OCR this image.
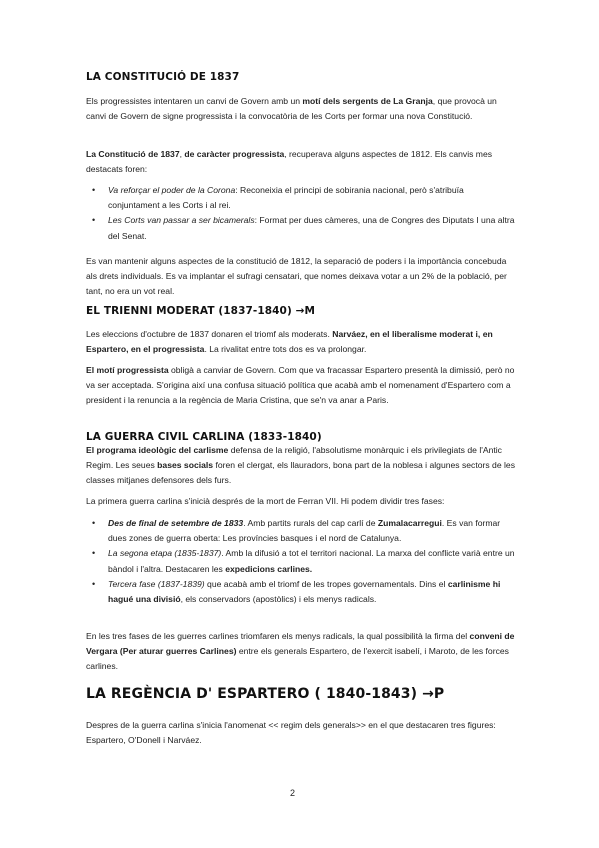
LA CONSTITUCIÓ DE 1837

Els progressistes intentaren un canvi de Govern amb un motí dels sergents de La Granja, que provocà un canvi de Govern de signe progressista i la convocatòria de les Corts per formar una nova Constitució.

La Constitució de 1837, de caràcter progressista, recuperava alguns aspectes de 1812. Els canvis mes destacats foren:

• Va reforçar el poder de la Corona: Reconeixia el principi de sobirania nacional, però s'atribuïa conjuntament a les Corts i al rei.
• Les Corts van passar a ser bicamerals: Format per dues càmeres, una de Congres des Diputats I una altra del Senat.

Es van mantenir alguns aspectes de la constitució de 1812, la separació de poders i la importància concebuda als drets individuals. Es va implantar el sufragi censatari, que nomes deixava votar a un 2% de la població, per tant, no era un vot real.

EL TRIENNI MODERAT (1837-1840) →M

Les eleccions d'octubre de 1837 donaren el triomf als moderats. Narváez, en el liberalisme moderat i, en Espartero, en el progressista. La rivalitat entre tots dos es va prolongar.

El motí progressista obligà a canviar de Govern. Com que va fracassar Espartero presentà la dimissió, però no va ser acceptada. S'origina així una confusa situació política que acabà amb el nomenament d'Espartero com a president i la renuncia a la regència de Maria Cristina, que se'n va anar a Paris.

LA GUERRA CIVIL CARLINA (1833-1840)

El programa ideològic del carlisme defensa de la religió, l'absolutisme monàrquic i els privilegiats de l'Antic Regim. Les seues bases socials foren el clergat, els llauradors, bona part de la noblesa i algunes sectors de les classes mitjanes defensores dels furs.

La primera guerra carlina s'inicià després de la mort de Ferran VII. Hi podem dividir tres fases:

• Des de final de setembre de 1833. Amb partits rurals del cap carlí de Zumalacarregui. Es van formar dues zones de guerra oberta: Les províncies basques i el nord de Catalunya.
• La segona etapa (1835-1837). Amb la difusió a tot el territori nacional. La marxa del conflicte varià entre un bàndol i l'altra. Destacaren les expedicions carlines.
• Tercera fase (1837-1839) que acabà amb el triomf de les tropes governamentals. Dins el carlinisme hi hagué una divisió, els conservadors (apostòlics) i els menys radicals.

En les tres fases de les guerres carlines triomfaren els menys radicals, la qual possibilità la firma del conveni de Vergara (Per aturar guerres Carlines) entre els generals Espartero, de l'exercit isabelí, i Maroto, de les forces carlines.

LA REGÈNCIA D' ESPARTERO ( 1840-1843) →P

Despres de la guerra carlina s'inicia l'anomenat << regim dels generals>> en el que destacaren tres figures: Espartero, O'Donell i Narváez.

2
